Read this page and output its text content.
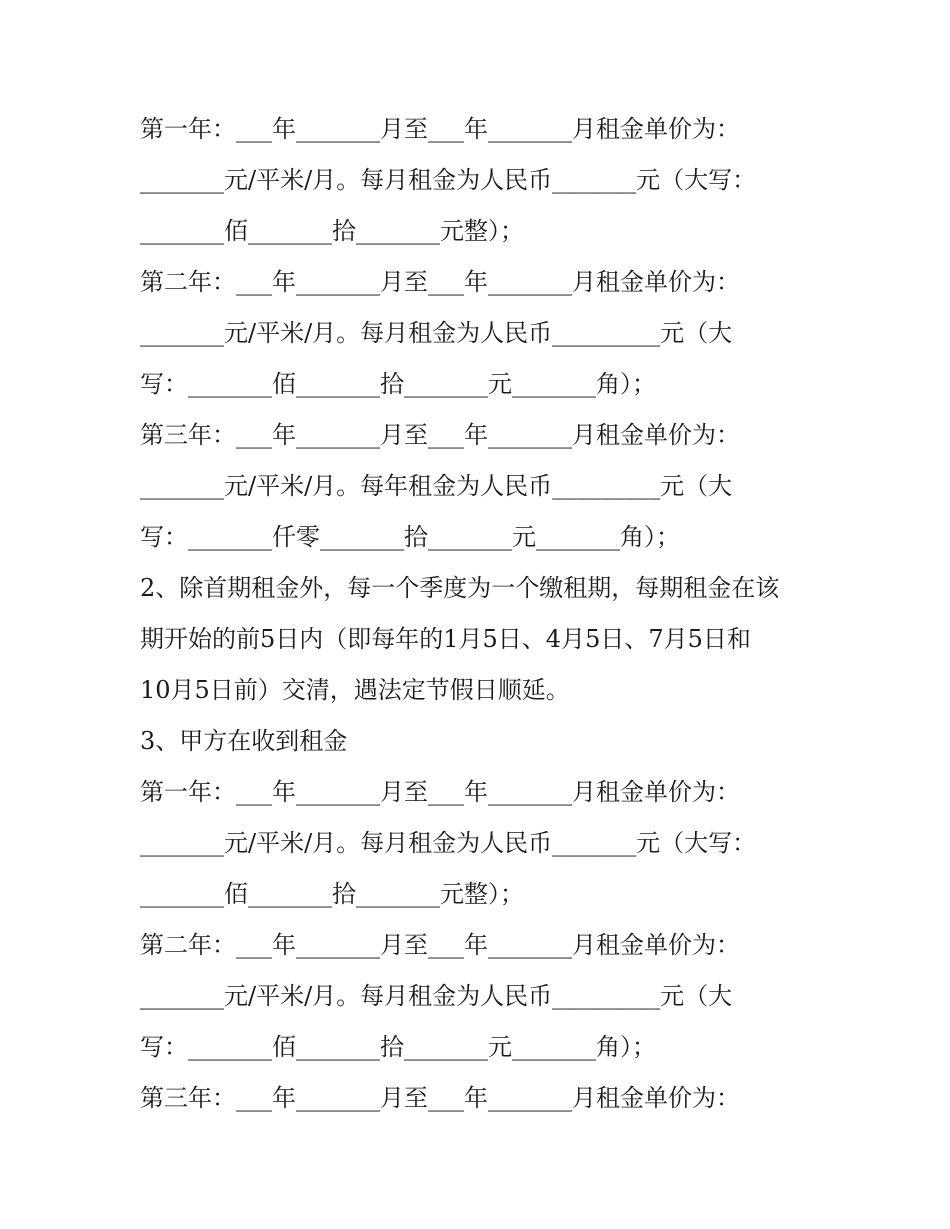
第一年：___年_______月至___年_______月租金单价为：
_______元/平米/月。每月租金为人民币_______元（大写：
_______佰_______拾_______元整）；
第二年：___年_______月至___年_______月租金单价为：
_______元/平米/月。每月租金为人民币_________元（大
写：_______佰_______拾_______元_______角）；
第三年：___年_______月至___年_______月租金单价为：
_______元/平米/月。每年租金为人民币_________元（大
写：_______仟零_______拾_______元_______角）；
2、除首期租金外，每一个季度为一个缴租期，每期租金在该
期开始的前5日内（即每年的1月5日、4月5日、7月5日和
10月5日前）交清，遇法定节假日顺延。
3、甲方在收到租金
第一年：___年_______月至___年_______月租金单价为：
_______元/平米/月。每月租金为人民币_______元（大写：
_______佰_______拾_______元整）；
第二年：___年_______月至___年_______月租金单价为：
_______元/平米/月。每月租金为人民币_________元（大
写：_______佰_______拾_______元_______角）；
第三年：___年_______月至___年_______月租金单价为：
